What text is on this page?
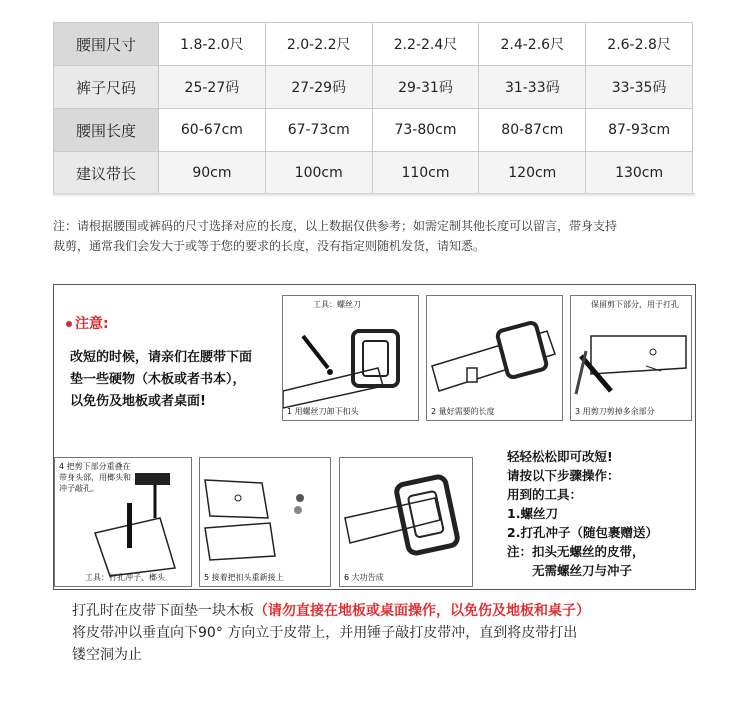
腰围尺寸	1.8-2.0尺	2.0-2.2尺	2.2-2.4尺	2.4-2.6尺	2.6-2.8尺
裤子尺码	25-27码	27-29码	29-31码	31-33码	33-35码
腰围长度	60-67cm	67-73cm	73-80cm	80-87cm	87-93cm
建议带长	90cm	100cm	110cm	120cm	130cm
注：请根据腰围或裤码的尺寸选择对应的长度，以上数据仅供参考；如需定制其他长度可以留言，带身支持
裁剪，通常我们会发大于或等于您的要求的长度，没有指定则随机发货，请知悉。
注意:
改短的时候，请亲们在腰带下面
垫一些硬物（木板或者书本），
以免伤及地板或者桌面!
工具：螺丝刀
1 用螺丝刀卸下扣头	2 量好需要的长度
保留剪下部分，用于打孔
3 用剪刀剪掉多余部分
4 把剪下部分重叠在带身头部，用榔头和冲子敲孔。
工具：打孔冲子、榔头	5 接着把扣头重新接上	6 大功告成
轻轻松松即可改短!
请按以下步骤操作：
用到的工具：
1.螺丝刀
2.打孔冲子（随包裹赠送）
注：扣头无螺丝的皮带，
　　无需螺丝刀与冲子
打孔时在皮带下面垫一块木板（请勿直接在地板或桌面操作，以免伤及地板和桌子）
将皮带冲以垂直向下90° 方向立于皮带上，并用锤子敲打皮带冲，直到将皮带打出
镂空洞为止
